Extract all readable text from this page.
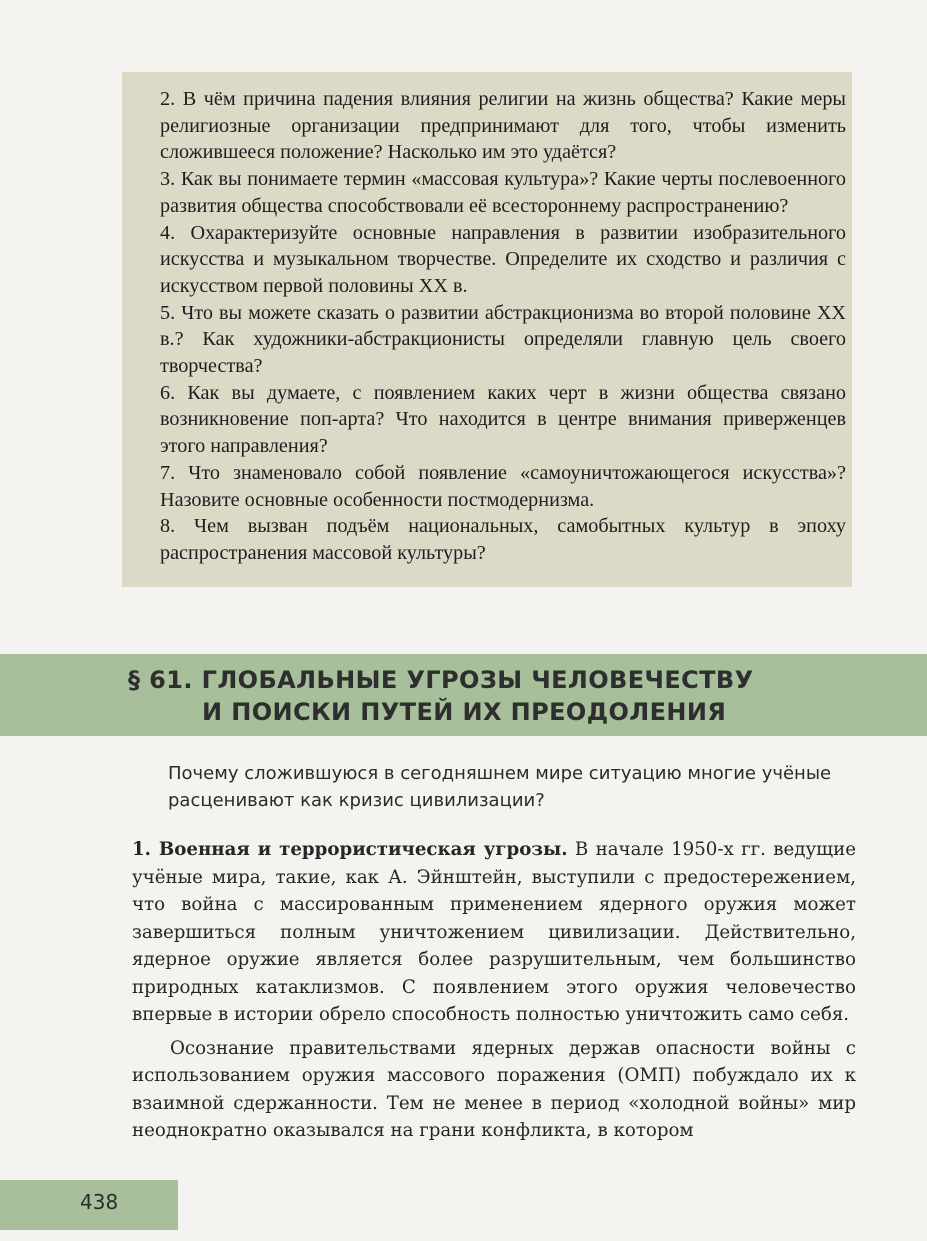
2. В чём причина падения влияния религии на жизнь общества? Какие меры религиозные организации предпринимают для того, чтобы изменить сложившееся положение? Насколько им это удаётся?

3. Как вы понимаете термин «массовая культура»? Какие черты послевоенного развития общества способствовали её всестороннему распространению?

4. Охарактеризуйте основные направления в развитии изобразительного искусства и музыкальном творчестве. Определите их сходство и различия с искусством первой половины XX в.

5. Что вы можете сказать о развитии абстракционизма во второй половине XX в.? Как художники-абстракционисты определяли главную цель своего творчества?

6. Как вы думаете, с появлением каких черт в жизни общества связано возникновение поп-арта? Что находится в центре внимания приверженцев этого направления?

7. Что знаменовало собой появление «самоуничтожающегося искусства»? Назовите основные особенности постмодернизма.

8. Чем вызван подъём национальных, самобытных культур в эпоху распространения массовой культуры?

§ 61. ГЛОБАЛЬНЫЕ УГРОЗЫ ЧЕЛОВЕЧЕСТВУ
И ПОИСКИ ПУТЕЙ ИХ ПРЕОДОЛЕНИЯ

Почему сложившуюся в сегодняшнем мире ситуацию многие учёные расценивают как кризис цивилизации?

1. Военная и террористическая угрозы. В начале 1950-х гг. ведущие учёные мира, такие, как А. Эйнштейн, выступили с предостережением, что война с массированным применением ядерного оружия может завершиться полным уничтожением цивилизации. Действительно, ядерное оружие является более разрушительным, чем большинство природных катаклизмов. С появлением этого оружия человечество впервые в истории обрело способность полностью уничтожить само себя.

Осознание правительствами ядерных держав опасности войны с использованием оружия массового поражения (ОМП) побуждало их к взаимной сдержанности. Тем не менее в период «холодной войны» мир неоднократно оказывался на грани конфликта, в котором

438
